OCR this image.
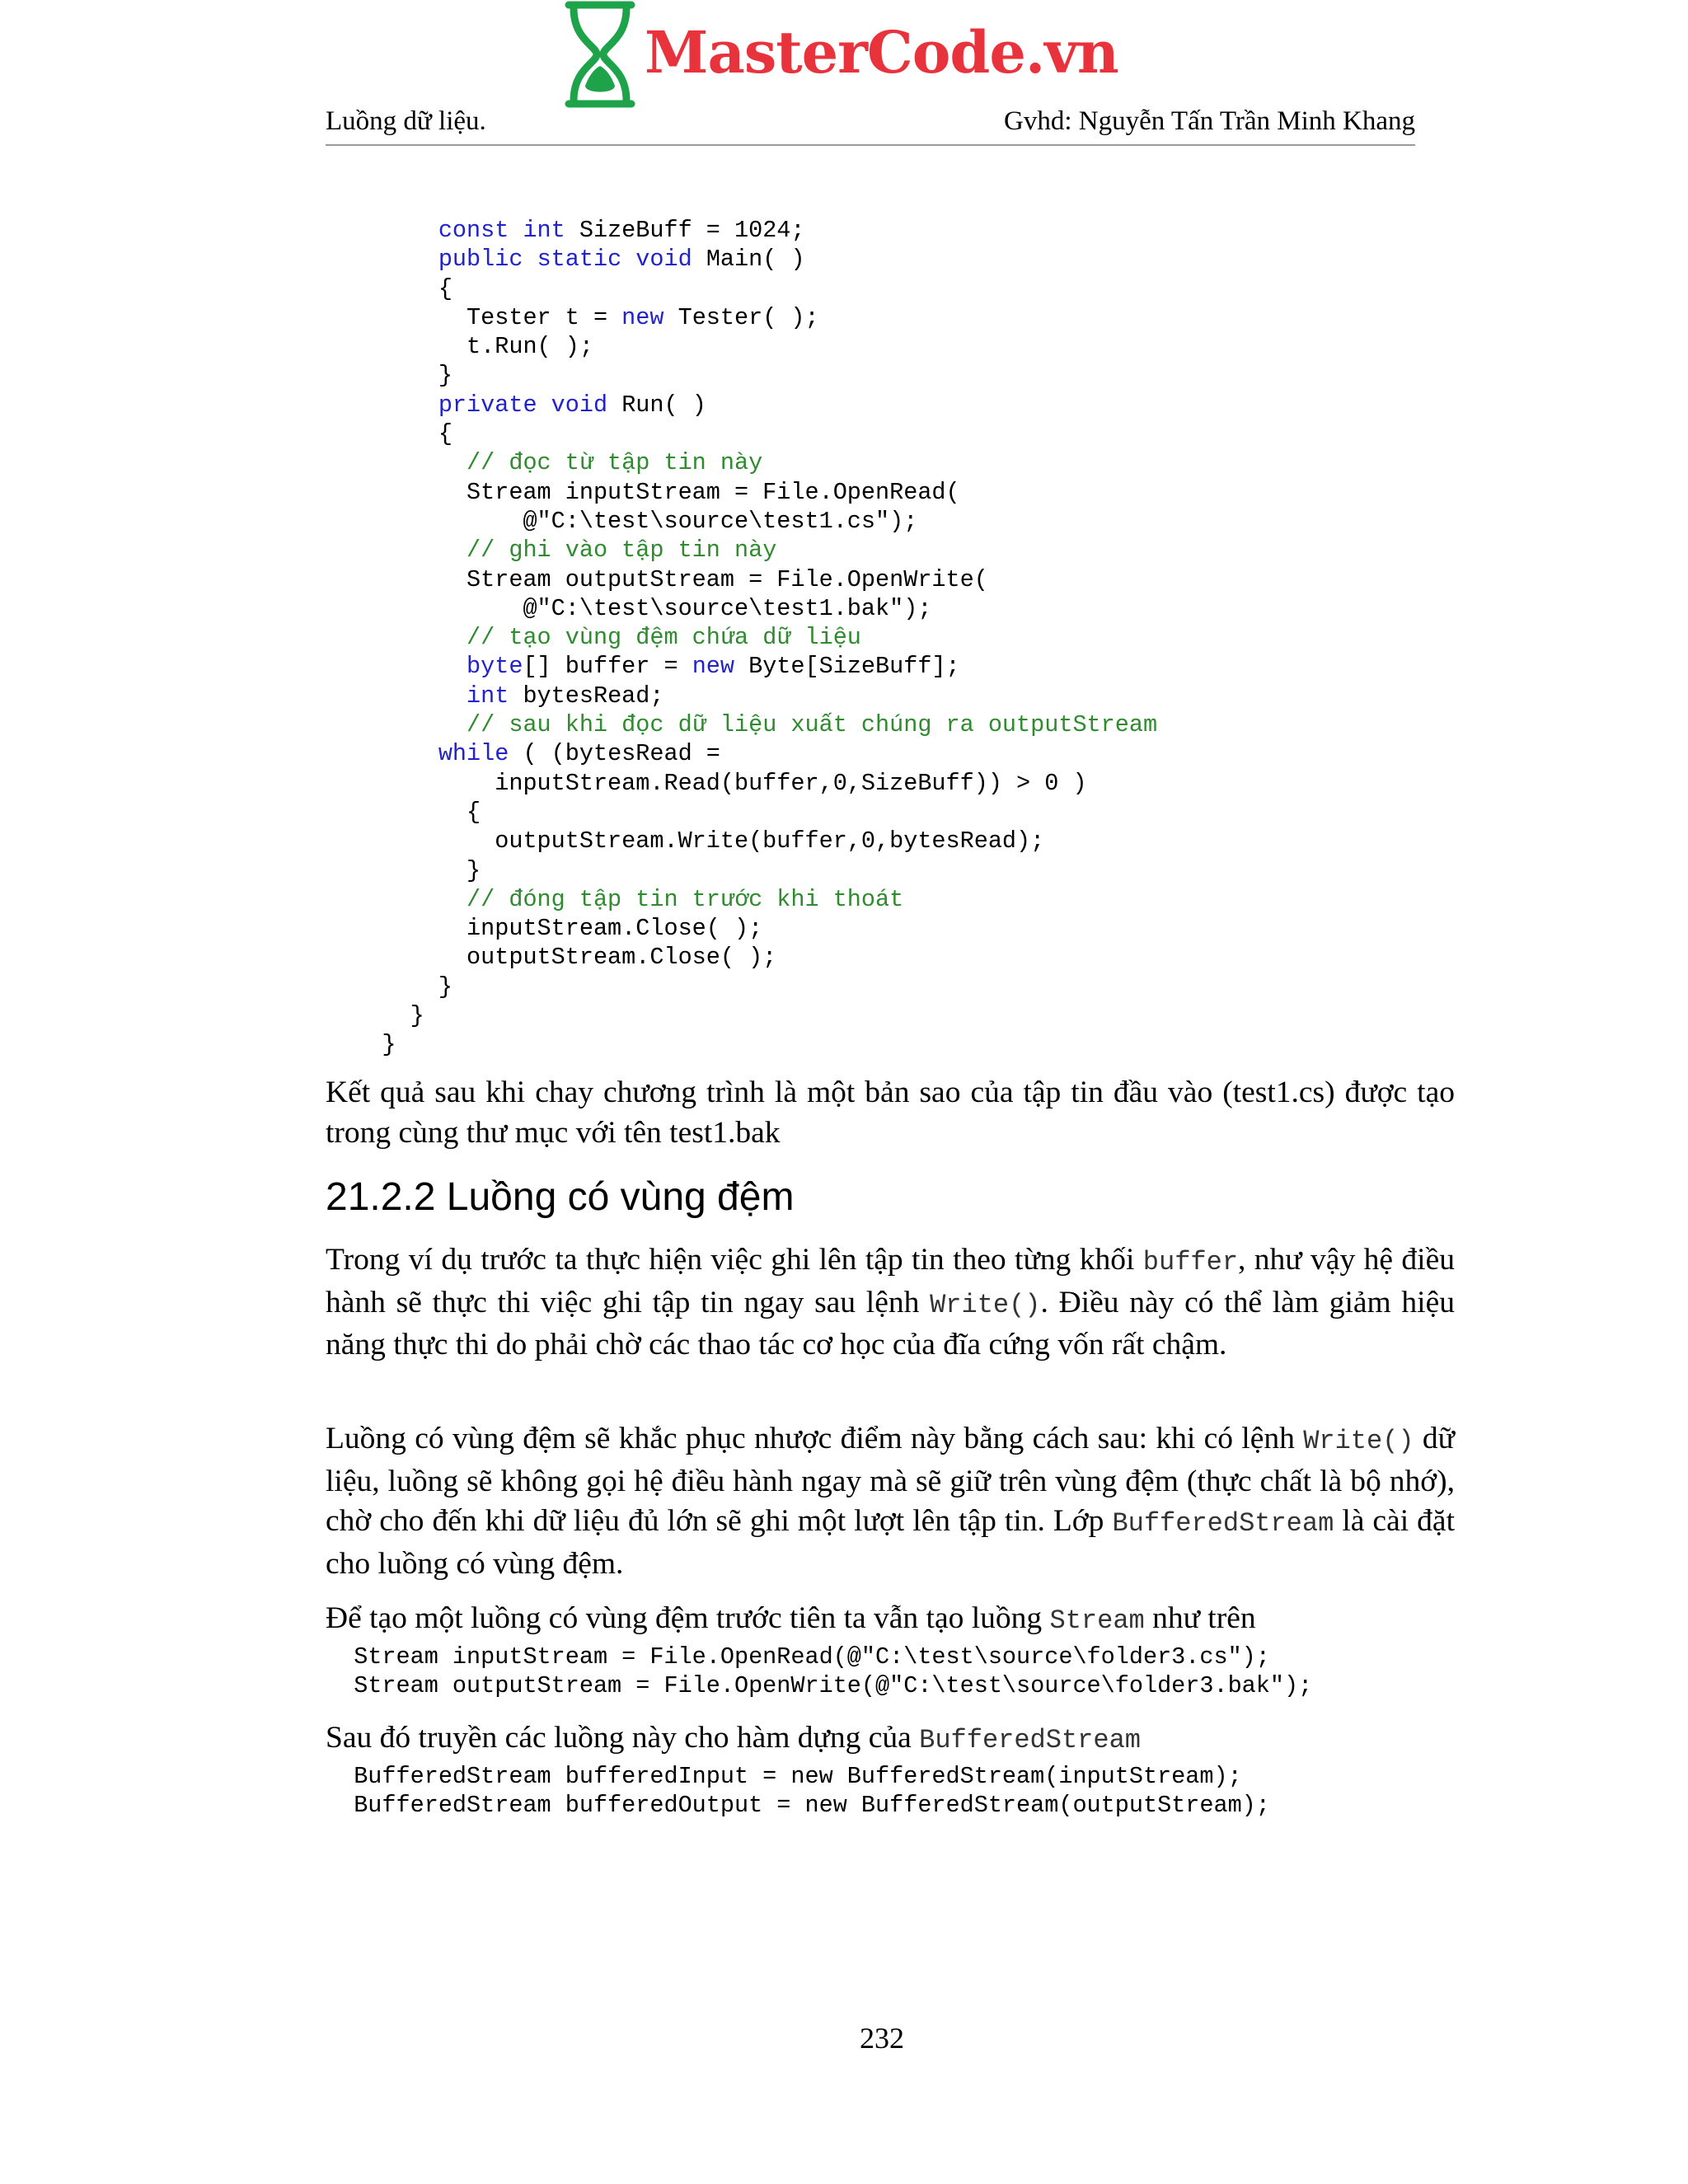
MasterCode.vn
Luồng dữ liệu.	Gvhd: Nguyễn Tấn Trần Minh Khang
const int SizeBuff = 1024;
public static void Main( )
{
Tester t = new Tester( );
t.Run( );
}
private void Run( )
{
// đọc từ tập tin này
Stream inputStream = File.OpenRead(
@"C:\test\source\test1.cs");
// ghi vào tập tin này
Stream outputStream = File.OpenWrite(
@"C:\test\source\test1.bak");
// tạo vùng đệm chứa dữ liệu
byte[] buffer = new Byte[SizeBuff];
int bytesRead;
// sau khi đọc dữ liệu xuất chúng ra outputStream
while ( (bytesRead =
inputStream.Read(buffer,0,SizeBuff)) > 0 )
{
outputStream.Write(buffer,0,bytesRead);
}
// đóng tập tin trước khi thoát
inputStream.Close( );
outputStream.Close( );
}
}
}
Kết quả sau khi chay chương trình là một bản sao của tập tin đầu vào (test1.cs) được tạo trong cùng thư mục với tên test1.bak
21.2.2 Luồng có vùng đệm
Trong ví dụ trước ta thực hiện việc ghi lên tập tin theo từng khối buffer, như vậy hệ điều hành sẽ thực thi việc ghi tập tin ngay sau lệnh Write(). Điều này có thể làm giảm hiệu năng thực thi do phải chờ các thao tác cơ học của đĩa cứng vốn rất chậm.
Luồng có vùng đệm sẽ khắc phục nhược điểm này bằng cách sau: khi có lệnh Write() dữ liệu, luồng sẽ không gọi hệ điều hành ngay mà sẽ giữ trên vùng đệm (thực chất là bộ nhớ), chờ cho đến khi dữ liệu đủ lớn sẽ ghi một lượt lên tập tin. Lớp BufferedStream là cài đặt cho luồng có vùng đệm.
Để tạo một luồng có vùng đệm trước tiên ta vẫn tạo luồng Stream như trên
Stream inputStream = File.OpenRead(@"C:\test\source\folder3.cs");
Stream outputStream = File.OpenWrite(@"C:\test\source\folder3.bak");
Sau đó truyền các luồng này cho hàm dựng của BufferedStream
BufferedStream bufferedInput = new BufferedStream(inputStream);
BufferedStream bufferedOutput = new BufferedStream(outputStream);
232
